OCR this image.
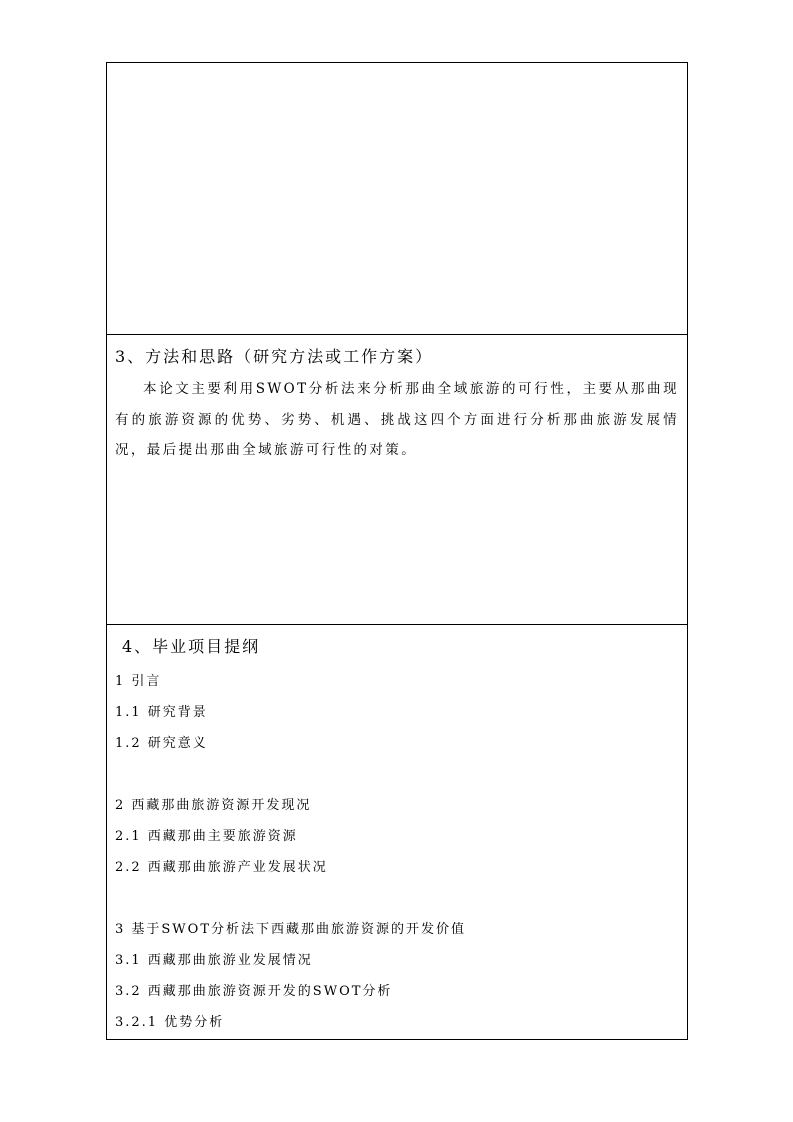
3、方法和思路（研究方法或工作方案）

本论文主要利用SWOT分析法来分析那曲全域旅游的可行性，主要从那曲现有的旅游资源的优势、劣势、机遇、挑战这四个方面进行分析那曲旅游发展情况，最后提出那曲全域旅游可行性的对策。

4、毕业项目提纲
1 引言
1.1 研究背景
1.2 研究意义
2 西藏那曲旅游资源开发现况
2.1 西藏那曲主要旅游资源
2.2 西藏那曲旅游产业发展状况
3 基于SWOT分析法下西藏那曲旅游资源的开发价值
3.1 西藏那曲旅游业发展情况
3.2 西藏那曲旅游资源开发的SWOT分析
3.2.1 优势分析
